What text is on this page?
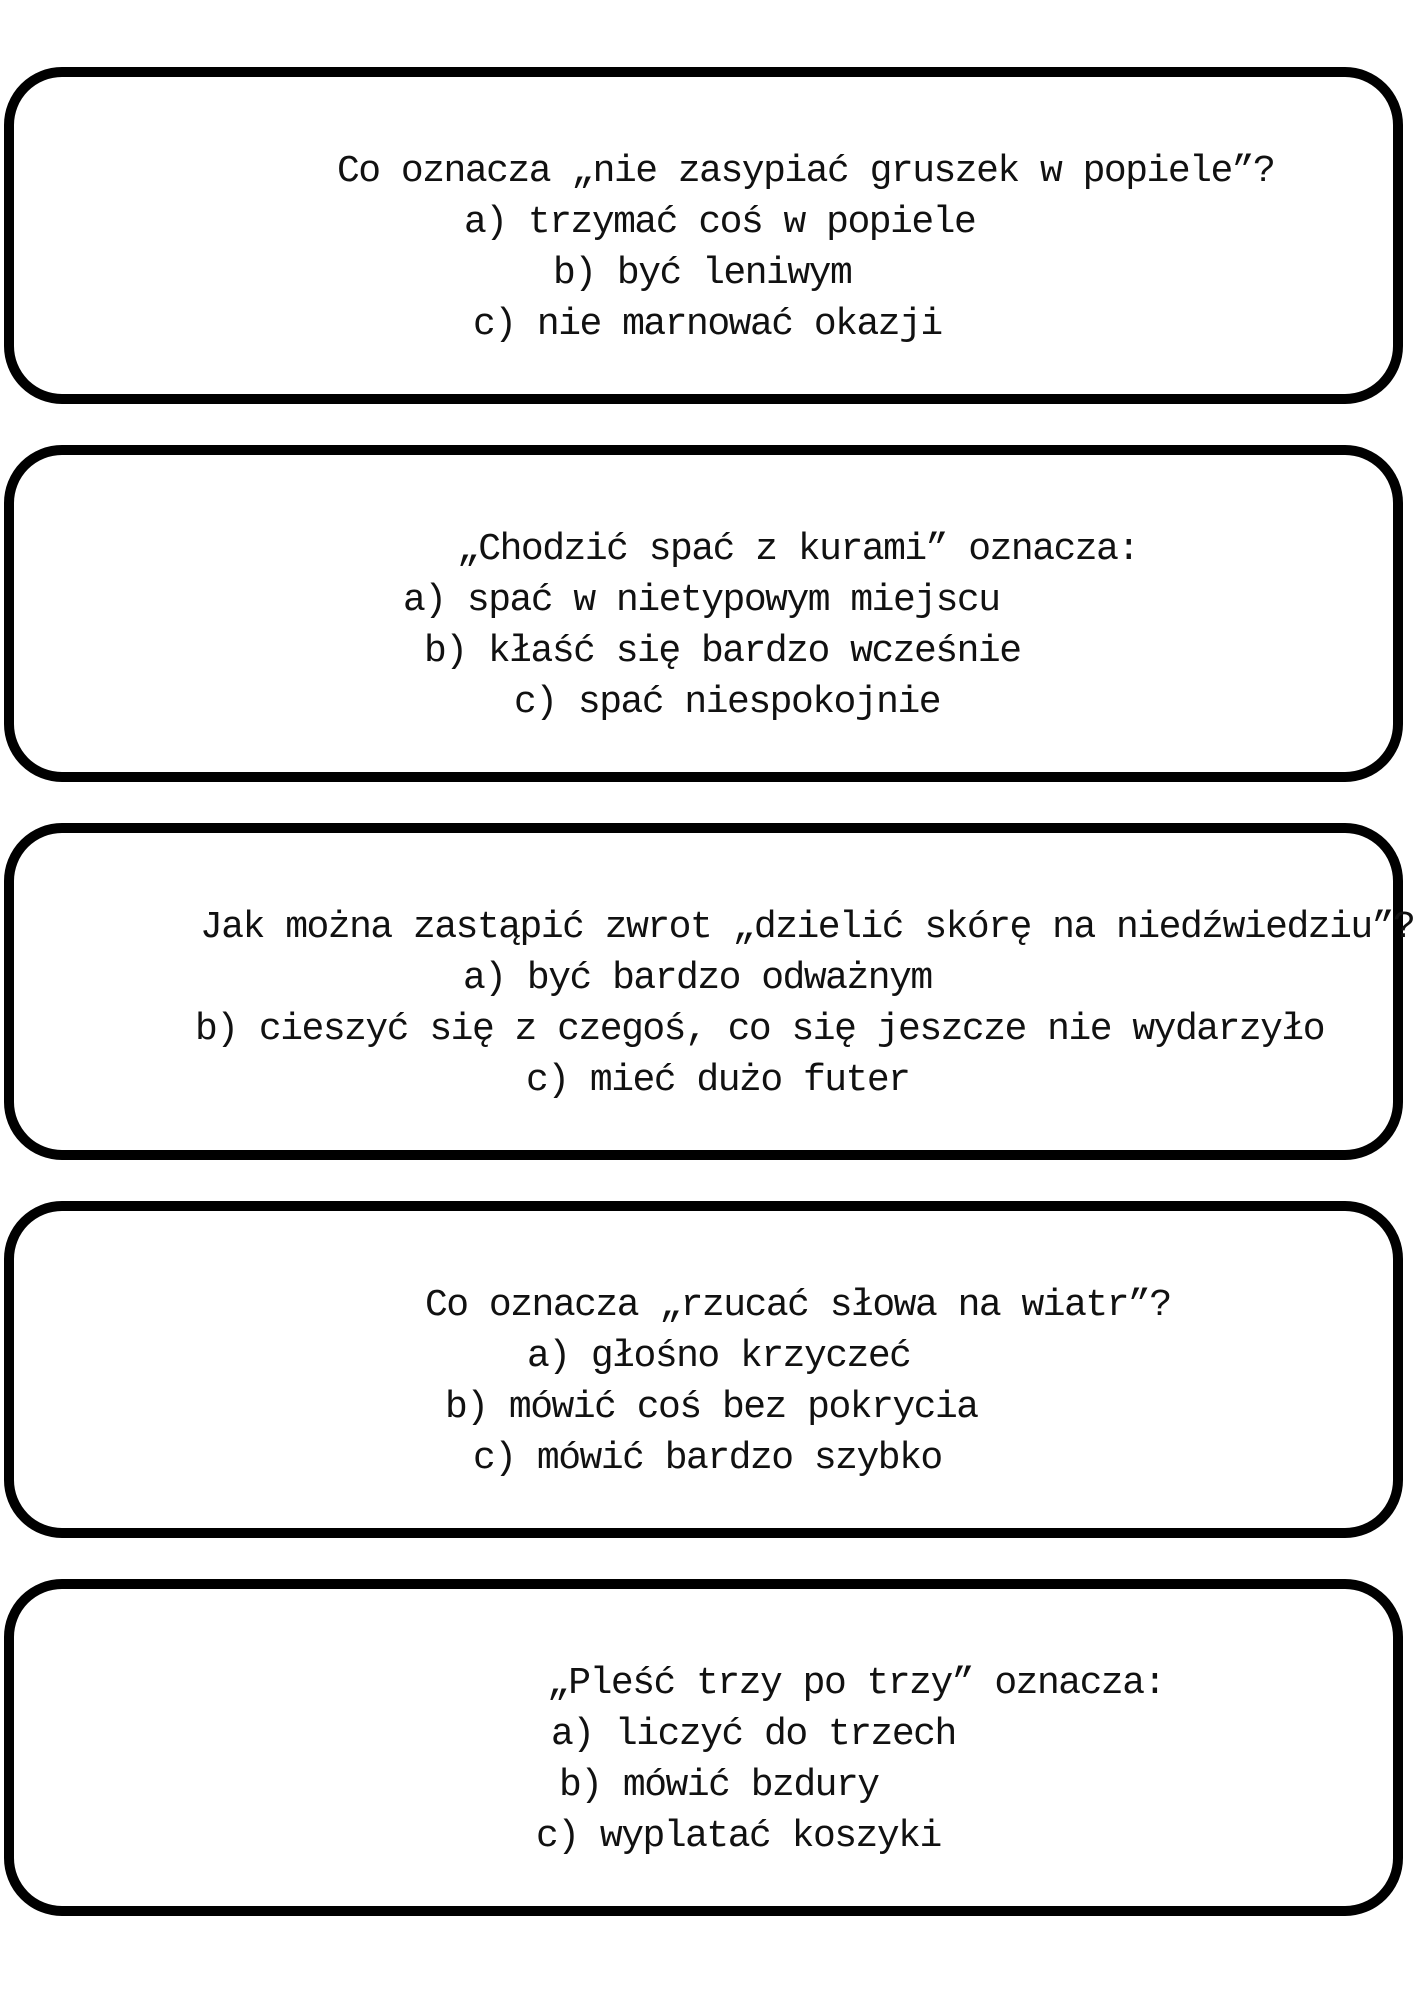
Co oznacza „nie zasypiać gruszek w popiele”?
a) trzymać coś w popiele
b) być leniwym
c) nie marnować okazji
„Chodzić spać z kurami” oznacza:
a) spać w nietypowym miejscu
b) kłaść się bardzo wcześnie
c) spać niespokojnie
Jak można zastąpić zwrot „dzielić skórę na niedźwiedziu”?
a) być bardzo odważnym
b) cieszyć się z czegoś, co się jeszcze nie wydarzyło
c) mieć dużo futer
Co oznacza „rzucać słowa na wiatr”?
a) głośno krzyczeć
b) mówić coś bez pokrycia
c) mówić bardzo szybko
„Pleść trzy po trzy” oznacza:
a) liczyć do trzech
b) mówić bzdury
c) wyplatać koszyki
